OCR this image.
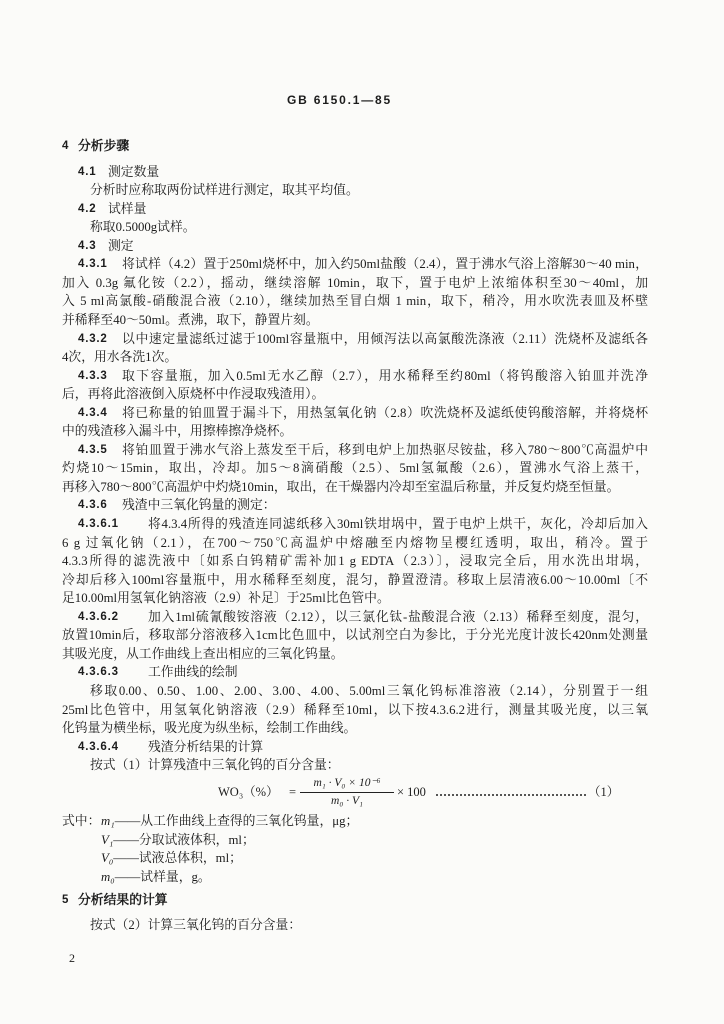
GB 6150.1—85
4 分析步骤
4.1 测定数量
分析时应称取两份试样进行测定，取其平均值。
4.2 试样量
称取0.5000g试样。
4.3 测定
4.3.1	将试样（4.2）置于250ml烧杯中，加入约50ml盐酸（2.4），置于沸水气浴上溶解30～40 min，
加入 0.3g 氟化铵（2.2），摇动，继续溶解 10min，取下，置于电炉上浓缩体积至30～40ml，加
入 5 ml高氯酸-硝酸混合液（2.10），继续加热至冒白烟 1 min，取下，稍冷，用水吹洗表皿及杯壁
并稀释至40～50ml。煮沸，取下，静置片刻。
4.3.2	以中速定量滤纸过滤于100ml容量瓶中，用倾泻法以高氯酸洗涤液（2.11）洗烧杯及滤纸各
4次，用水各洗1次。
4.3.3	取下容量瓶，加入0.5ml无水乙醇（2.7），用水稀释至约80ml（将钨酸溶入铂皿并洗净
后，再将此溶液倒入原烧杯中作浸取残渣用）。
4.3.4	将已称量的铂皿置于漏斗下，用热氢氧化钠（2.8）吹洗烧杯及滤纸使钨酸溶解，并将烧杯
中的残渣移入漏斗中，用擦棒擦净烧杯。
4.3.5	将铂皿置于沸水气浴上蒸发至干后，移到电炉上加热驱尽铵盐，移入780～800℃高温炉中
灼烧10～15min，取出，冷却。加5～8滴硝酸（2.5）、5ml氢氟酸（2.6），置沸水气浴上蒸干，
再移入780～800℃高温炉中灼烧10min，取出，在干燥器内冷却至室温后称量，并反复灼烧至恒量。
4.3.6	残渣中三氧化钨量的测定：
4.3.6.1	将4.3.4所得的残渣连同滤纸移入30ml铁坩埚中，置于电炉上烘干，灰化，冷却后加入
6 g 过氧化钠（2.1），在700～750℃高温炉中熔融至内熔物呈樱红透明，取出，稍冷。置于
4.3.3所得的滤洗液中〔如系白钨精矿需补加1 g EDTA（2.3）〕，浸取完全后，用水洗出坩埚，
冷却后移入100ml容量瓶中，用水稀释至刻度，混匀，静置澄清。移取上层清液6.00～10.00ml〔不
足10.00ml用氢氧化钠溶液（2.9）补足〕于25ml比色管中。
4.3.6.2	加入1ml硫氰酸铵溶液（2.12），以三氯化钛-盐酸混合液（2.13）稀释至刻度，混匀，
放置10min后，移取部分溶液移入1cm比色皿中，以试剂空白为参比，于分光光度计波长420nm处测量
其吸光度，从工作曲线上查出相应的三氧化钨量。
4.3.6.3	工作曲线的绘制
移取0.00、0.50、1.00、2.00、3.00、4.00、5.00ml三氧化钨标准溶液（2.14），分别置于一组
25ml比色管中，用氢氧化钠溶液（2.9）稀释至10ml，以下按4.3.6.2进行，测量其吸光度，以三氧
化钨量为横坐标，吸光度为纵坐标，绘制工作曲线。
4.3.6.4	残渣分析结果的计算
按式（1）计算残渣中三氧化钨的百分含量：
WO₃（%） =
m₁ · V₀ × 10⁻⁶
m₀ · V₁
× 100	（1）
式中： m₁ ——从工作曲线上查得的三氧化钨量，μg；
V₁ ——分取试液体积，ml；
V₀ ——试液总体积，ml；
m₀ ——试样量，g。
5 分析结果的计算
按式（2）计算三氧化钨的百分含量：
2
